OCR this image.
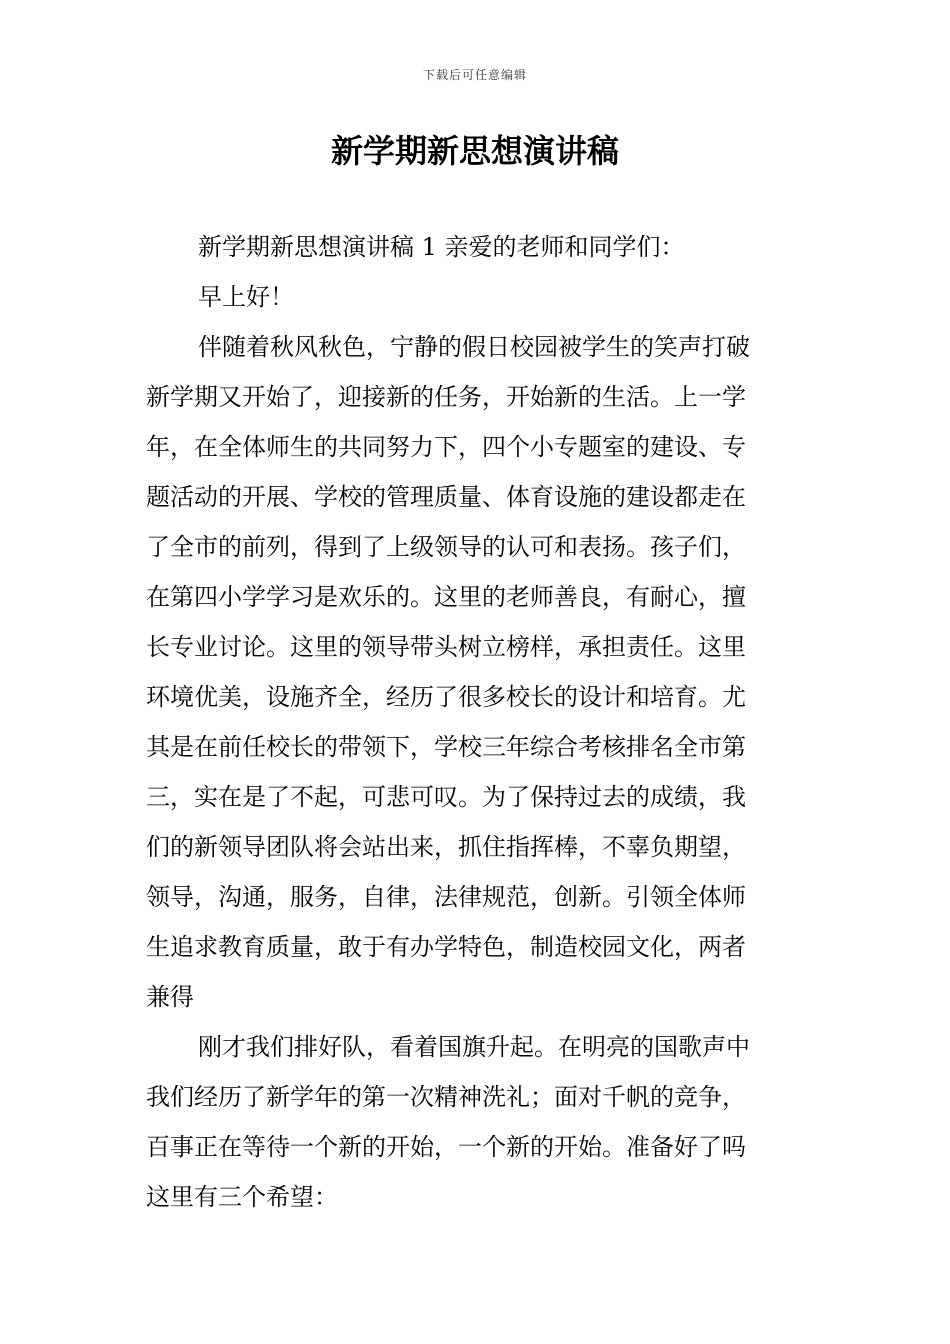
下载后可任意编辑
新学期新思想演讲稿

新学期新思想演讲稿 1 亲爱的老师和同学们：

早上好！

伴随着秋风秋色，宁静的假日校园被学生的笑声打破
新学期又开始了，迎接新的任务，开始新的生活。上一学
年，在全体师生的共同努力下，四个小专题室的建设、专
题活动的开展、学校的管理质量、体育设施的建设都走在
了全市的前列，得到了上级领导的认可和表扬。孩子们，
在第四小学学习是欢乐的。这里的老师善良，有耐心，擅
长专业讨论。这里的领导带头树立榜样，承担责任。这里
环境优美，设施齐全，经历了很多校长的设计和培育。尤
其是在前任校长的带领下，学校三年综合考核排名全市第
三，实在是了不起，可悲可叹。为了保持过去的成绩，我
们的新领导团队将会站出来，抓住指挥棒，不辜负期望，
领导，沟通，服务，自律，法律规范，创新。引领全体师
生追求教育质量，敢于有办学特色，制造校园文化，两者
兼得

刚才我们排好队，看着国旗升起。在明亮的国歌声中
我们经历了新学年的第一次精神洗礼；面对千帆的竞争，
百事正在等待一个新的开始，一个新的开始。准备好了吗
这里有三个希望：
